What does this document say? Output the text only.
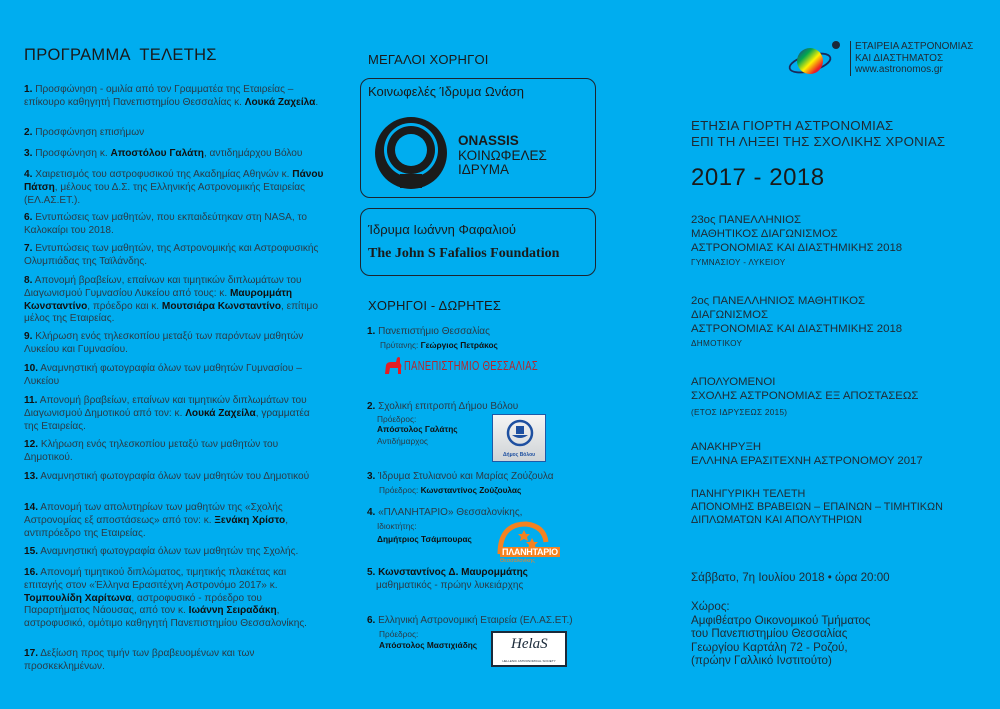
ΠΡΟΓΡΑΜΜΑ  ΤΕΛΕΤΗΣ
1. Προσφώνηση - ομιλία από τον Γραμματέα της Εταιρείας – επίκουρο καθηγητή Πανεπιστημίου Θεσσαλίας κ. Λουκά Ζαχείλα.
2. Προσφώνηση επισήμων
3. Προσφώνηση κ. Αποστόλου Γαλάτη, αντιδημάρχου Βόλου
4. Χαιρετισμός του αστροφυσικού της Ακαδημίας Αθηνών κ. Πάνου Πάτση, μέλους του Δ.Σ. της Ελληνικής Αστρονομικής Εταιρείας (ΕΛ.ΑΣ.ΕΤ.).
6. Εντυπώσεις των μαθητών, που εκπαιδεύτηκαν στη NASA, το Καλοκαίρι του 2018.
7. Εντυπώσεις των μαθητών, της Αστρονομικής και Αστροφυσικής Ολυμπιάδας της Ταϊλάνδης.
8. Απονομή βραβείων, επαίνων και τιμητικών διπλωμάτων του Διαγωνισμού Γυμνασίου Λυκείου από τους: κ. Μαυρομμάτη Κωνσταντίνο, πρόεδρο και κ. Μουτσιάρα Κωνσταντίνο, επίτιμο μέλος της Εταιρείας.
9. Κλήρωση ενός τηλεσκοπίου μεταξύ των παρόντων μαθητών Λυκείου και Γυμνασίου.
10. Αναμνηστική φωτογραφία όλων των μαθητών Γυμνασίου – Λυκείου
11. Απονομή βραβείων, επαίνων και τιμητικών διπλωμάτων του Διαγωνισμού Δημοτικού από τον: κ. Λουκά Ζαχείλα, γραμματέα της Εταιρείας.
12. Κλήρωση ενός τηλεσκοπίου μεταξύ των μαθητών του Δημοτικού.
13. Αναμνηστική φωτογραφία όλων των μαθητών του Δημοτικού
14. Απονομή των απολυτηρίων των μαθητών της «Σχολής Αστρονομίας εξ αποστάσεως» από τον: κ. Ξενάκη Χρίστο, αντιπρόεδρο της Εταιρείας.
15. Αναμνηστική φωτογραφία όλων των μαθητών της Σχολής.
16. Απονομή τιμητικού διπλώματος, τιμητικής πλακέτας και επιταγής στον «Έλληνα Ερασιτέχνη Αστρονόμο 2017» κ. Τομπουλίδη Χαρίτωνα, αστροφυσικό - πρόεδρο του Παραρτήματος Νάουσας, από τον κ. Ιωάννη Σειραδάκη, αστροφυσικό, ομότιμο καθηγητή Πανεπιστημίου Θεσσαλονίκης.
17. Δεξίωση προς τιμήν των βραβευομένων και των προσκεκλημένων.
ΜΕΓΑΛΟΙ ΧΟΡΗΓΟΙ
Κοινωφελές Ίδρυμα Ωνάση
ONASSIS
ΚΟΙΝΩΦΕΛΕΣ
ΙΔΡΥΜΑ
Ίδρυμα Ιωάννη Φαφαλιού
The John S Fafalios Foundation
ΧΟΡΗΓΟΙ - ΔΩΡΗΤΕΣ
1. Πανεπιστήμιο Θεσσαλίας
Πρύτανης: Γεώργιος Πετράκος
ΠΑΝΕΠΙΣΤΗΜΙΟ ΘΕΣΣΑΛΙΑΣ
2. Σχολική επιτροπή Δήμου Βόλου
Πρόεδρος:
Απόστολος Γαλάτης
Αντιδήμαρχος
Δήμος Βόλου
3. Ίδρυμα Στυλιανού και Μαρίας Ζούζουλα
Πρόεδρος: Κωνσταντίνος Ζούζουλας
4. «ΠΛΑΝΗΤΑΡΙΟ» Θεσσαλονίκης,
Ιδιοκτήτης:
Δημήτριος Τσάμπουρας
ΠΛΑΝΗΤΑΡΙΟ
Θεσσαλονίκης
5. Κωνσταντίνος Δ. Μαυρομμάτης
μαθηματικός - πρώην λυκειάρχης
6. Ελληνική Αστρονομική Εταιρεία (ΕΛ.ΑΣ.ΕΤ.)
Πρόεδρος:
Απόστολος Μαστιχιάδης HelaS
HELLENIC ASTRONOMICAL SOCIETY
ΕΤΑΙΡΕΙΑ ΑΣΤΡΟΝΟΜΙΑΣ
ΚΑΙ ΔΙΑΣΤΗΜΑΤΟΣ
www.astronomos.gr
ΕΤΗΣΙΑ ΓΙΟΡΤΗ ΑΣΤΡΟΝΟΜΙΑΣ
ΕΠΙ ΤΗ ΛΗΞΕΙ ΤΗΣ ΣΧΟΛΙΚΗΣ ΧΡΟΝΙΑΣ
2017 - 2018
23ος ΠΑΝΕΛΛΗΝΙΟΣ
ΜΑΘΗΤΙΚΟΣ ΔΙΑΓΩΝΙΣΜΟΣ
ΑΣΤΡΟΝΟΜΙΑΣ ΚΑΙ ΔΙΑΣΤΗΜΙΚΗΣ 2018
ΓΥΜΝΑΣΙΟΥ - ΛΥΚΕΙΟΥ
2ος ΠΑΝΕΛΛΗΝΙΟΣ ΜΑΘΗΤΙΚΟΣ
ΔΙΑΓΩΝΙΣΜΟΣ
ΑΣΤΡΟΝΟΜΙΑΣ ΚΑΙ ΔΙΑΣΤΗΜΙΚΗΣ 2018
ΔΗΜΟΤΙΚΟΥ
ΑΠΟΛΥΟΜΕΝΟΙ
ΣΧΟΛΗΣ ΑΣΤΡΟΝΟΜΙΑΣ ΕΞ ΑΠΟΣΤΑΣΕΩΣ
(ΕΤΟΣ ΙΔΡΥΣΕΩΣ 2015)
ΑΝΑΚΗΡΥΞΗ
ΕΛΛΗΝΑ ΕΡΑΣΙΤΕΧΝΗ ΑΣΤΡΟΝΟΜΟΥ 2017
ΠΑΝΗΓΥΡΙΚΗ ΤΕΛΕΤΗ
ΑΠΟΝΟΜΗΣ ΒΡΑΒΕΙΩΝ – ΕΠΑΙΝΩΝ – ΤΙΜΗΤΙΚΩΝ
ΔΙΠΛΩΜΑΤΩΝ ΚΑΙ ΑΠΟΛΥΤΗΡΙΩΝ
Σάββατο, 7η Ιουλίου 2018 • ώρα 20:00
Χώρος:
Αμφιθέατρο Οικονομικού Τμήματος
του Πανεπιστημίου Θεσσαλίας
Γεωργίου Καρτάλη 72 - Ροζού,
(πρώην Γαλλικό Ινστιτούτο)
